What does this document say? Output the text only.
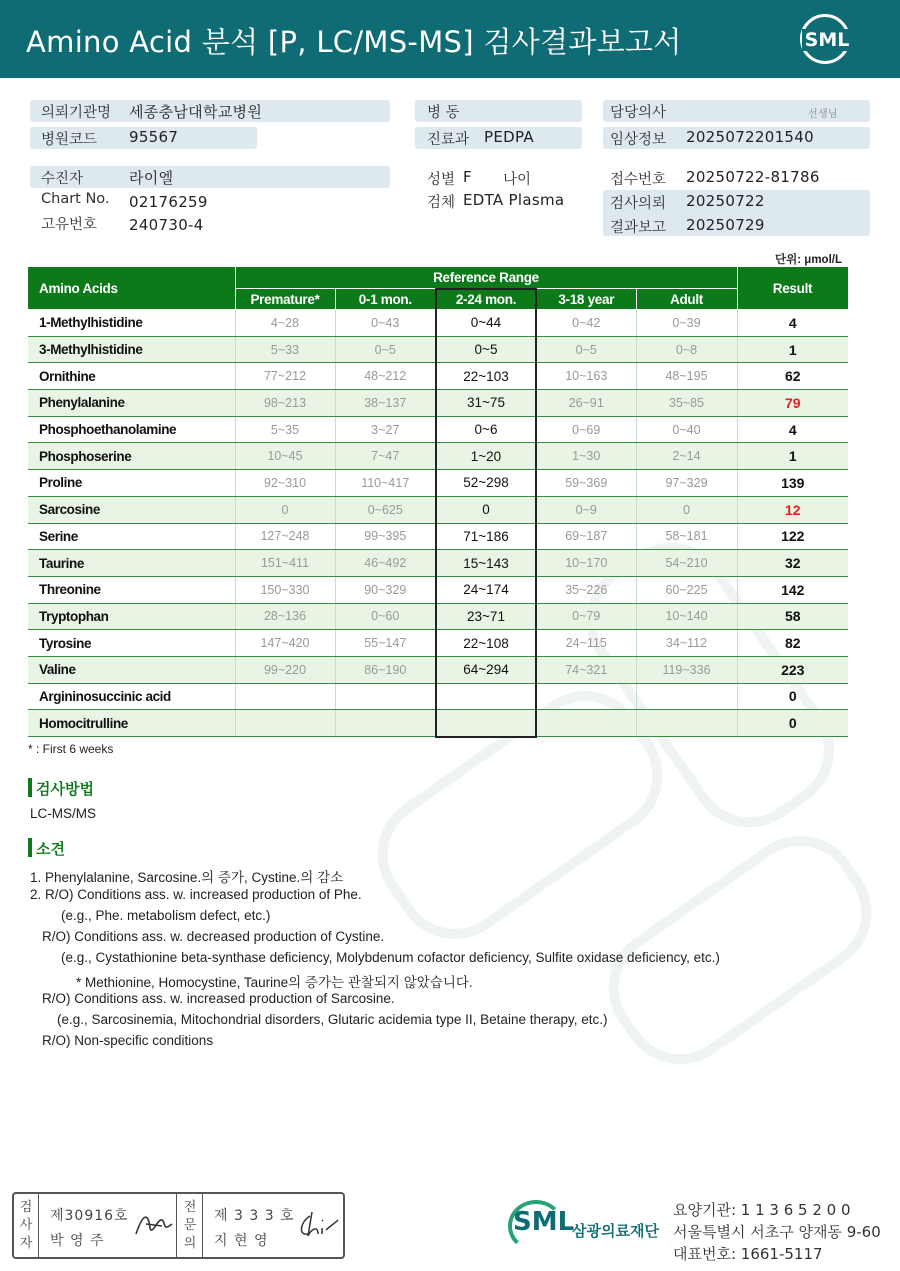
Amino Acid 분석 [P, LC/MS-MS] 검사결과보고서	SML
의뢰기관명 세종충남대학교병원
병원코드 95567
병 동
진료과 PEDPA
담당의사	선생님
임상정보 2025072201540
수진자	라이엘
Chart No. 02176259
고유번호 240730-4
성별 F 나이
검체 EDTA Plasma
접수번호 20250722-81786
검사의뢰 20250722
결과보고 20250729
단위: μmol/L
Amino Acids	Reference Range					Result
	Premature*	0-1 mon.	2-24 mon.	3-18 year	Adult	
1-Methylhistidine	4~28	0~43	0~44	0~42	0~39	4
3-Methylhistidine	5~33	0~5	0~5	0~5	0~8	1
Ornithine	77~212	48~212	22~103	10~163	48~195	62
Phenylalanine	98~213	38~137	31~75	26~91	35~85	79
Phosphoethanolamine	5~35	3~27	0~6	0~69	0~40	4
Phosphoserine	10~45	7~47	1~20	1~30	2~14	1
Proline	92~310	110~417	52~298	59~369	97~329	139
Sarcosine	0	0~625	0	0~9	0	12
Serine	127~248	99~395	71~186	69~187	58~181	122
Taurine	151~411	46~492	15~143	10~170	54~210	32
Threonine	150~330	90~329	24~174	35~226	60~225	142
Tryptophan	28~136	0~60	23~71	0~79	10~140	58
Tyrosine	147~420	55~147	22~108	24~115	34~112	82
Valine	99~220	86~190	64~294	74~321	119~336	223
Argininosuccinic acid						0
Homocitrulline						0
* : First 6 weeks
검사방법
LC-MS/MS
소견
1. Phenylalanine, Sarcosine.의 증가, Cystine.의 감소
2. R/O) Conditions ass. w. increased production of Phe.
(e.g., Phe. metabolism defect, etc.)
R/O) Conditions ass. w. decreased production of Cystine.
(e.g., Cystathionine beta-synthase deficiency, Molybdenum cofactor deficiency, Sulfite oxidase deficiency, etc.)
* Methionine, Homocystine, Taurine의 증가는 관찰되지 않았습니다.
R/O) Conditions ass. w. increased production of Sarcosine.
(e.g., Sarcosinemia, Mitochondrial disorders, Glutaric acidemia type II, Betaine therapy, etc.)
R/O) Non-specific conditions
검
사
자
제30916호
박 영 주
전
문
의
제 3 3 3 호
지 현 영
SML
삼광의료재단
요양기관: 1 1 3 6 5 2 0 0
서울특별시 서초구 양재동 9-60
대표번호: 1661-5117
